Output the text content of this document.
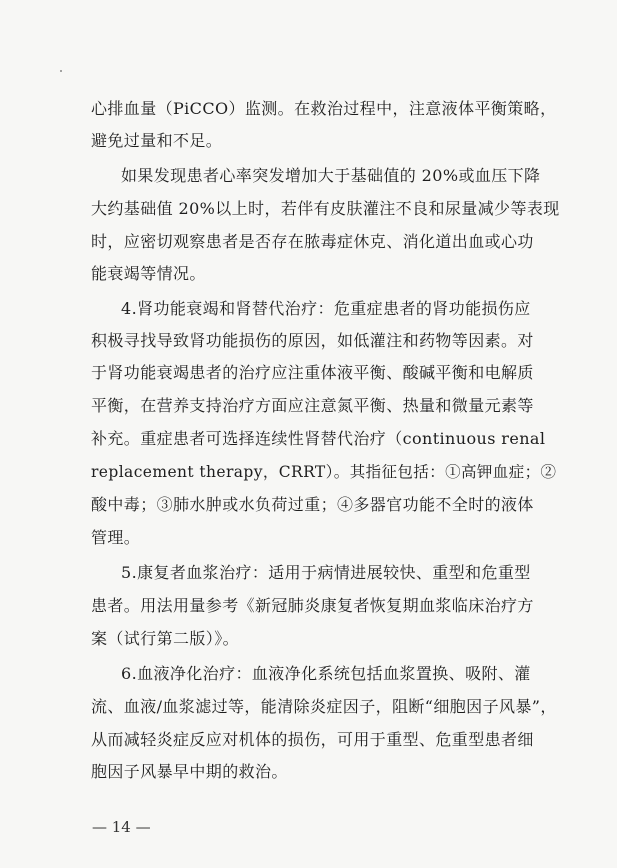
心排血量（PiCCO）监测。在救治过程中，注意液体平衡策略，
避免过量和不足。
如果发现患者心率突发增加大于基础值的 20%或血压下降
大约基础值 20%以上时，若伴有皮肤灌注不良和尿量减少等表现
时，应密切观察患者是否存在脓毒症休克、消化道出血或心功
能衰竭等情况。
4.肾功能衰竭和肾替代治疗：危重症患者的肾功能损伤应
积极寻找导致肾功能损伤的原因，如低灌注和药物等因素。对
于肾功能衰竭患者的治疗应注重体液平衡、酸碱平衡和电解质
平衡，在营养支持治疗方面应注意氮平衡、热量和微量元素等
补充。重症患者可选择连续性肾替代治疗（continuous renal
replacement therapy，CRRT）。其指征包括：①高钾血症；②
酸中毒；③肺水肿或水负荷过重；④多器官功能不全时的液体
管理。
5.康复者血浆治疗：适用于病情进展较快、重型和危重型
患者。用法用量参考《新冠肺炎康复者恢复期血浆临床治疗方
案（试行第二版）》。
6.血液净化治疗：血液净化系统包括血浆置换、吸附、灌
流、血液/血浆滤过等，能清除炎症因子，阻断“细胞因子风暴”，
从而减轻炎症反应对机体的损伤，可用于重型、危重型患者细
胞因子风暴早中期的救治。
— 14 —
